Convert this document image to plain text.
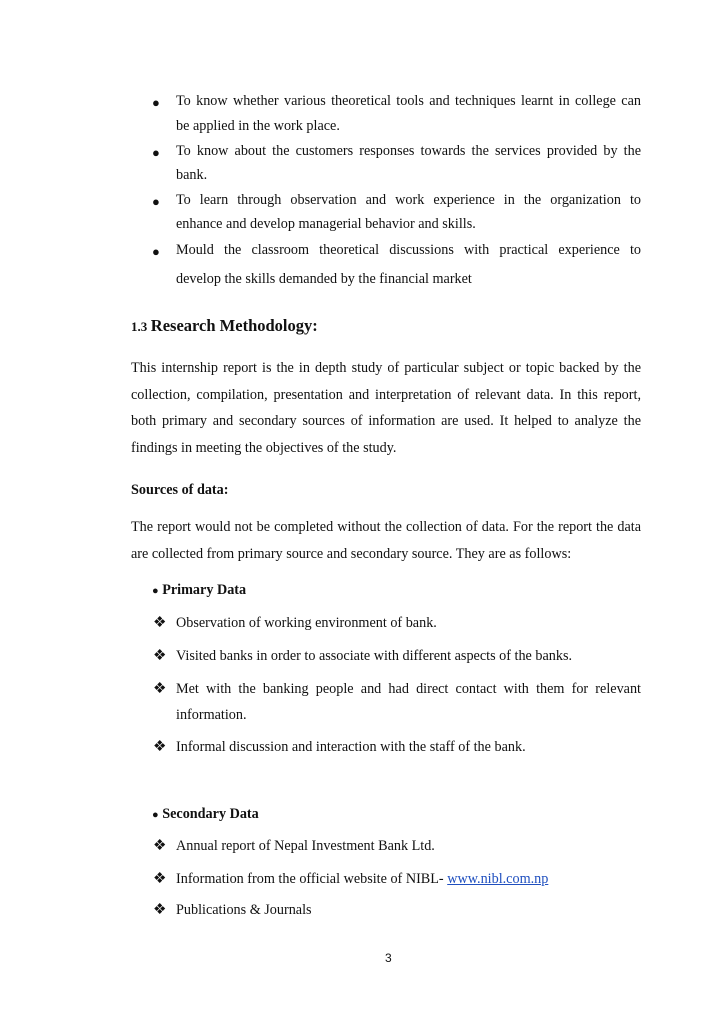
● To know whether various theoretical tools and techniques learnt in college can
be applied in the work place.
● To know about the customers responses towards the services provided by the
bank.
● To learn through observation and work experience in the organization to
enhance and develop managerial behavior and skills.
● Mould the classroom theoretical discussions with practical experience to
develop the skills demanded by the financial market
1.3 Research Methodology:
This internship report is the in depth study of particular subject or topic backed by the collection, compilation, presentation and interpretation of relevant data. In this report, both primary and secondary sources of information are used. It helped to analyze the findings in meeting the objectives of the study.
Sources of data:
The report would not be completed without the collection of data. For the report the data are collected from primary source and secondary source. They are as follows:
● Primary Data
❖ Observation of working environment of bank.
❖ Visited banks in order to associate with different aspects of the banks.
❖ Met with the banking people and had direct contact with them for relevant
information.
❖ Informal discussion and interaction with the staff of the bank.
● Secondary Data
❖ Annual report of Nepal Investment Bank Ltd.
❖ Information from the official website of NIBL- www.nibl.com.np
❖ Publications & Journals
3
